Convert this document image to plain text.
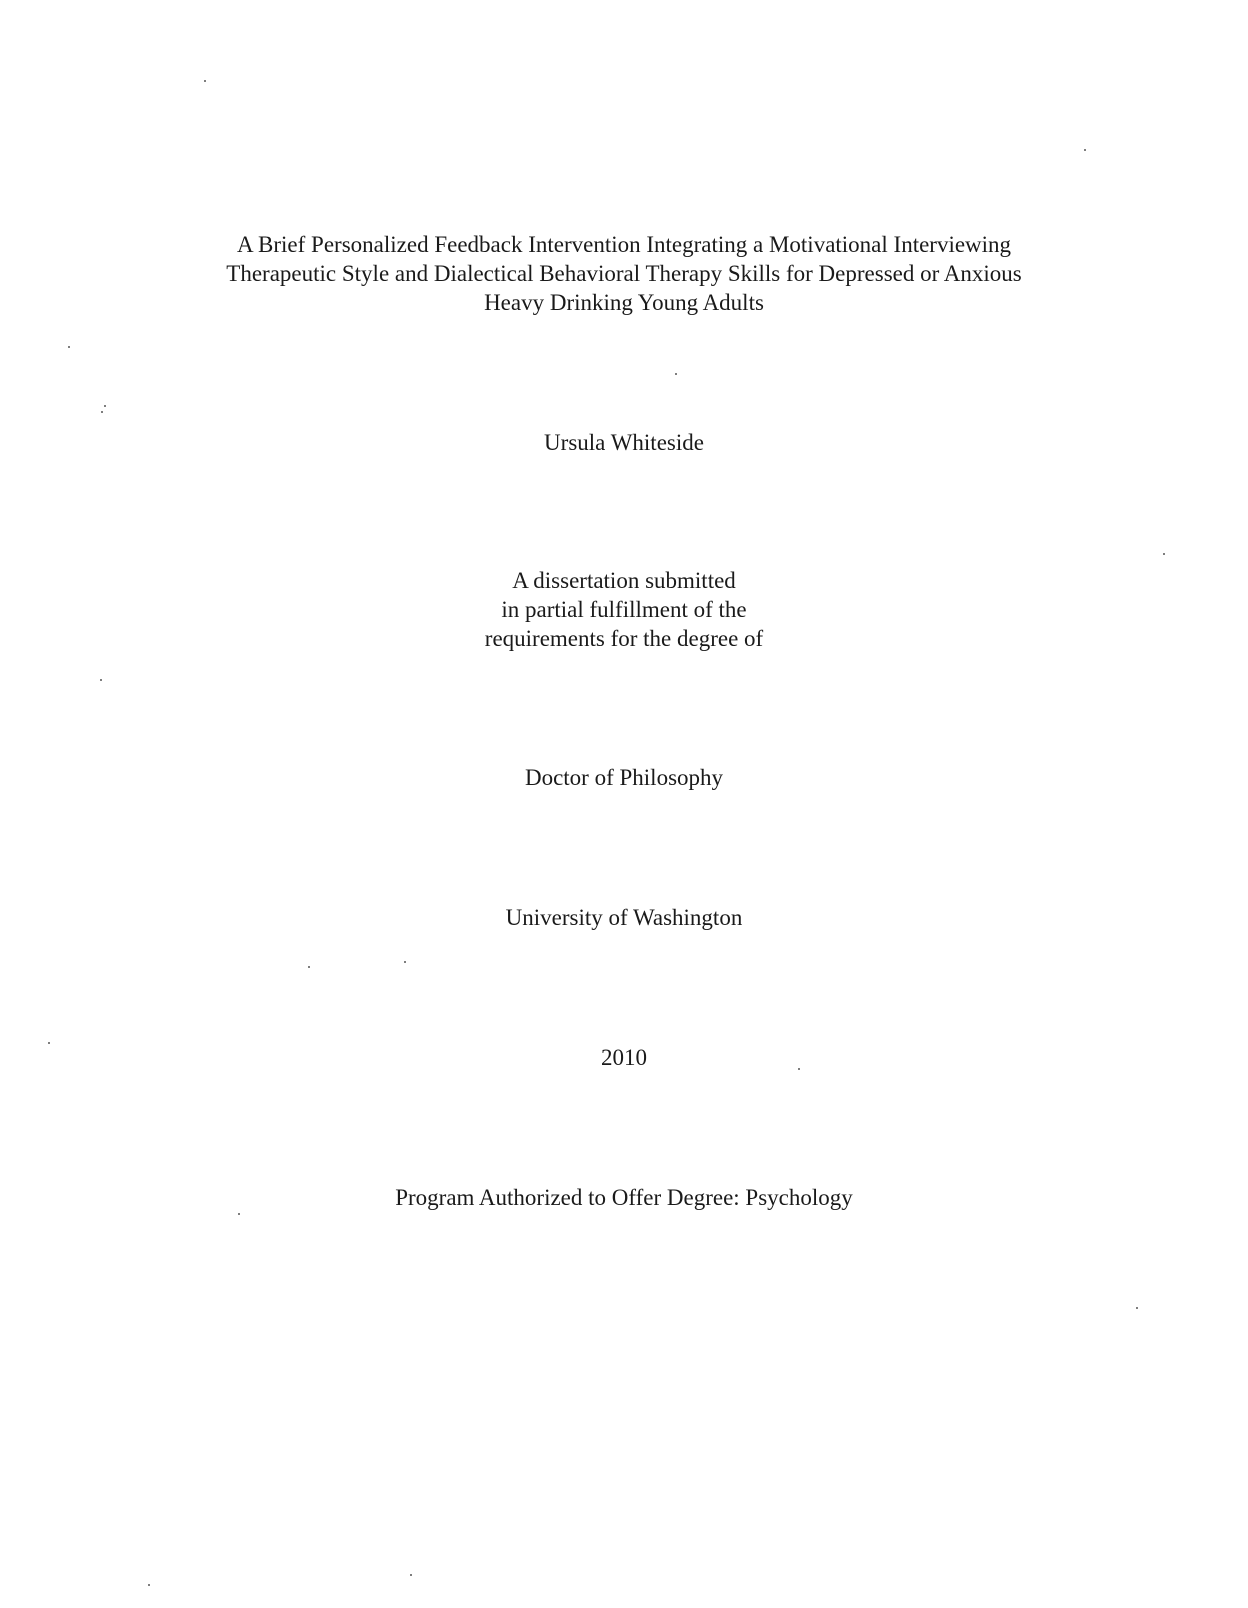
A Brief Personalized Feedback Intervention Integrating a Motivational Interviewing
Therapeutic Style and Dialectical Behavioral Therapy Skills for Depressed or Anxious
Heavy Drinking Young Adults
Ursula Whiteside
A dissertation submitted
in partial fulfillment of the
requirements for the degree of
Doctor of Philosophy
University of Washington
2010
Program Authorized to Offer Degree: Psychology
